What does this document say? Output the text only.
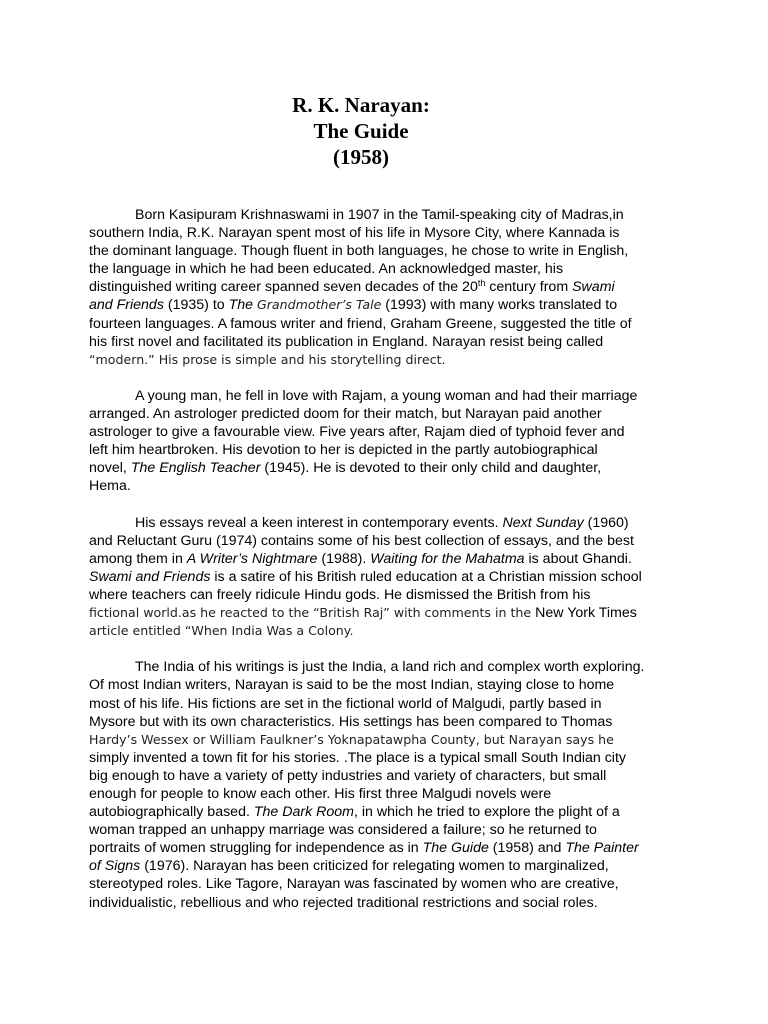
R. K. Narayan:
The Guide
(1958)
Born Kasipuram Krishnaswami in 1907 in the Tamil-speaking city of Madras,in
southern India, R.K. Narayan spent most of his life in Mysore City, where Kannada is
the dominant language. Though fluent in both languages, he chose to write in English,
the language in which he had been educated. An acknowledged master, his
distinguished writing career spanned seven decades of the 20th century from Swami
and Friends (1935) to The Grandmother’s Tale (1993) with many works translated to
fourteen languages. A famous writer and friend, Graham Greene, suggested the title of
his first novel and facilitated its publication in England. Narayan resist being called
“modern.” His prose is simple and his storytelling direct.
A young man, he fell in love with Rajam, a young woman and had their marriage
arranged. An astrologer predicted doom for their match, but Narayan paid another
astrologer to give a favourable view. Five years after, Rajam died of typhoid fever and
left him heartbroken. His devotion to her is depicted in the partly autobiographical
novel, The English Teacher (1945). He is devoted to their only child and daughter,
Hema.
His essays reveal a keen interest in contemporary events. Next Sunday (1960)
and Reluctant Guru (1974) contains some of his best collection of essays, and the best
among them in A Writer’s Nightmare (1988). Waiting for the Mahatma is about Ghandi.
Swami and Friends is a satire of his British ruled education at a Christian mission school
where teachers can freely ridicule Hindu gods. He dismissed the British from his
fictional world.as he reacted to the “British Raj” with comments in the New York Times
article entitled “When India Was a Colony.
The India of his writings is just the India, a land rich and complex worth exploring.
Of most Indian writers, Narayan is said to be the most Indian, staying close to home
most of his life. His fictions are set in the fictional world of Malgudi, partly based in
Mysore but with its own characteristics. His settings has been compared to Thomas
Hardy’s Wessex or William Faulkner’s Yoknapatawpha County, but Narayan says he
simply invented a town fit for his stories. .The place is a typical small South Indian city
big enough to have a variety of petty industries and variety of characters, but small
enough for people to know each other. His first three Malgudi novels were
autobiographically based. The Dark Room, in which he tried to explore the plight of a
woman trapped an unhappy marriage was considered a failure; so he returned to
portraits of women struggling for independence as in The Guide (1958) and The Painter
of Signs (1976). Narayan has been criticized for relegating women to marginalized,
stereotyped roles. Like Tagore, Narayan was fascinated by women who are creative,
individualistic, rebellious and who rejected traditional restrictions and social roles.
